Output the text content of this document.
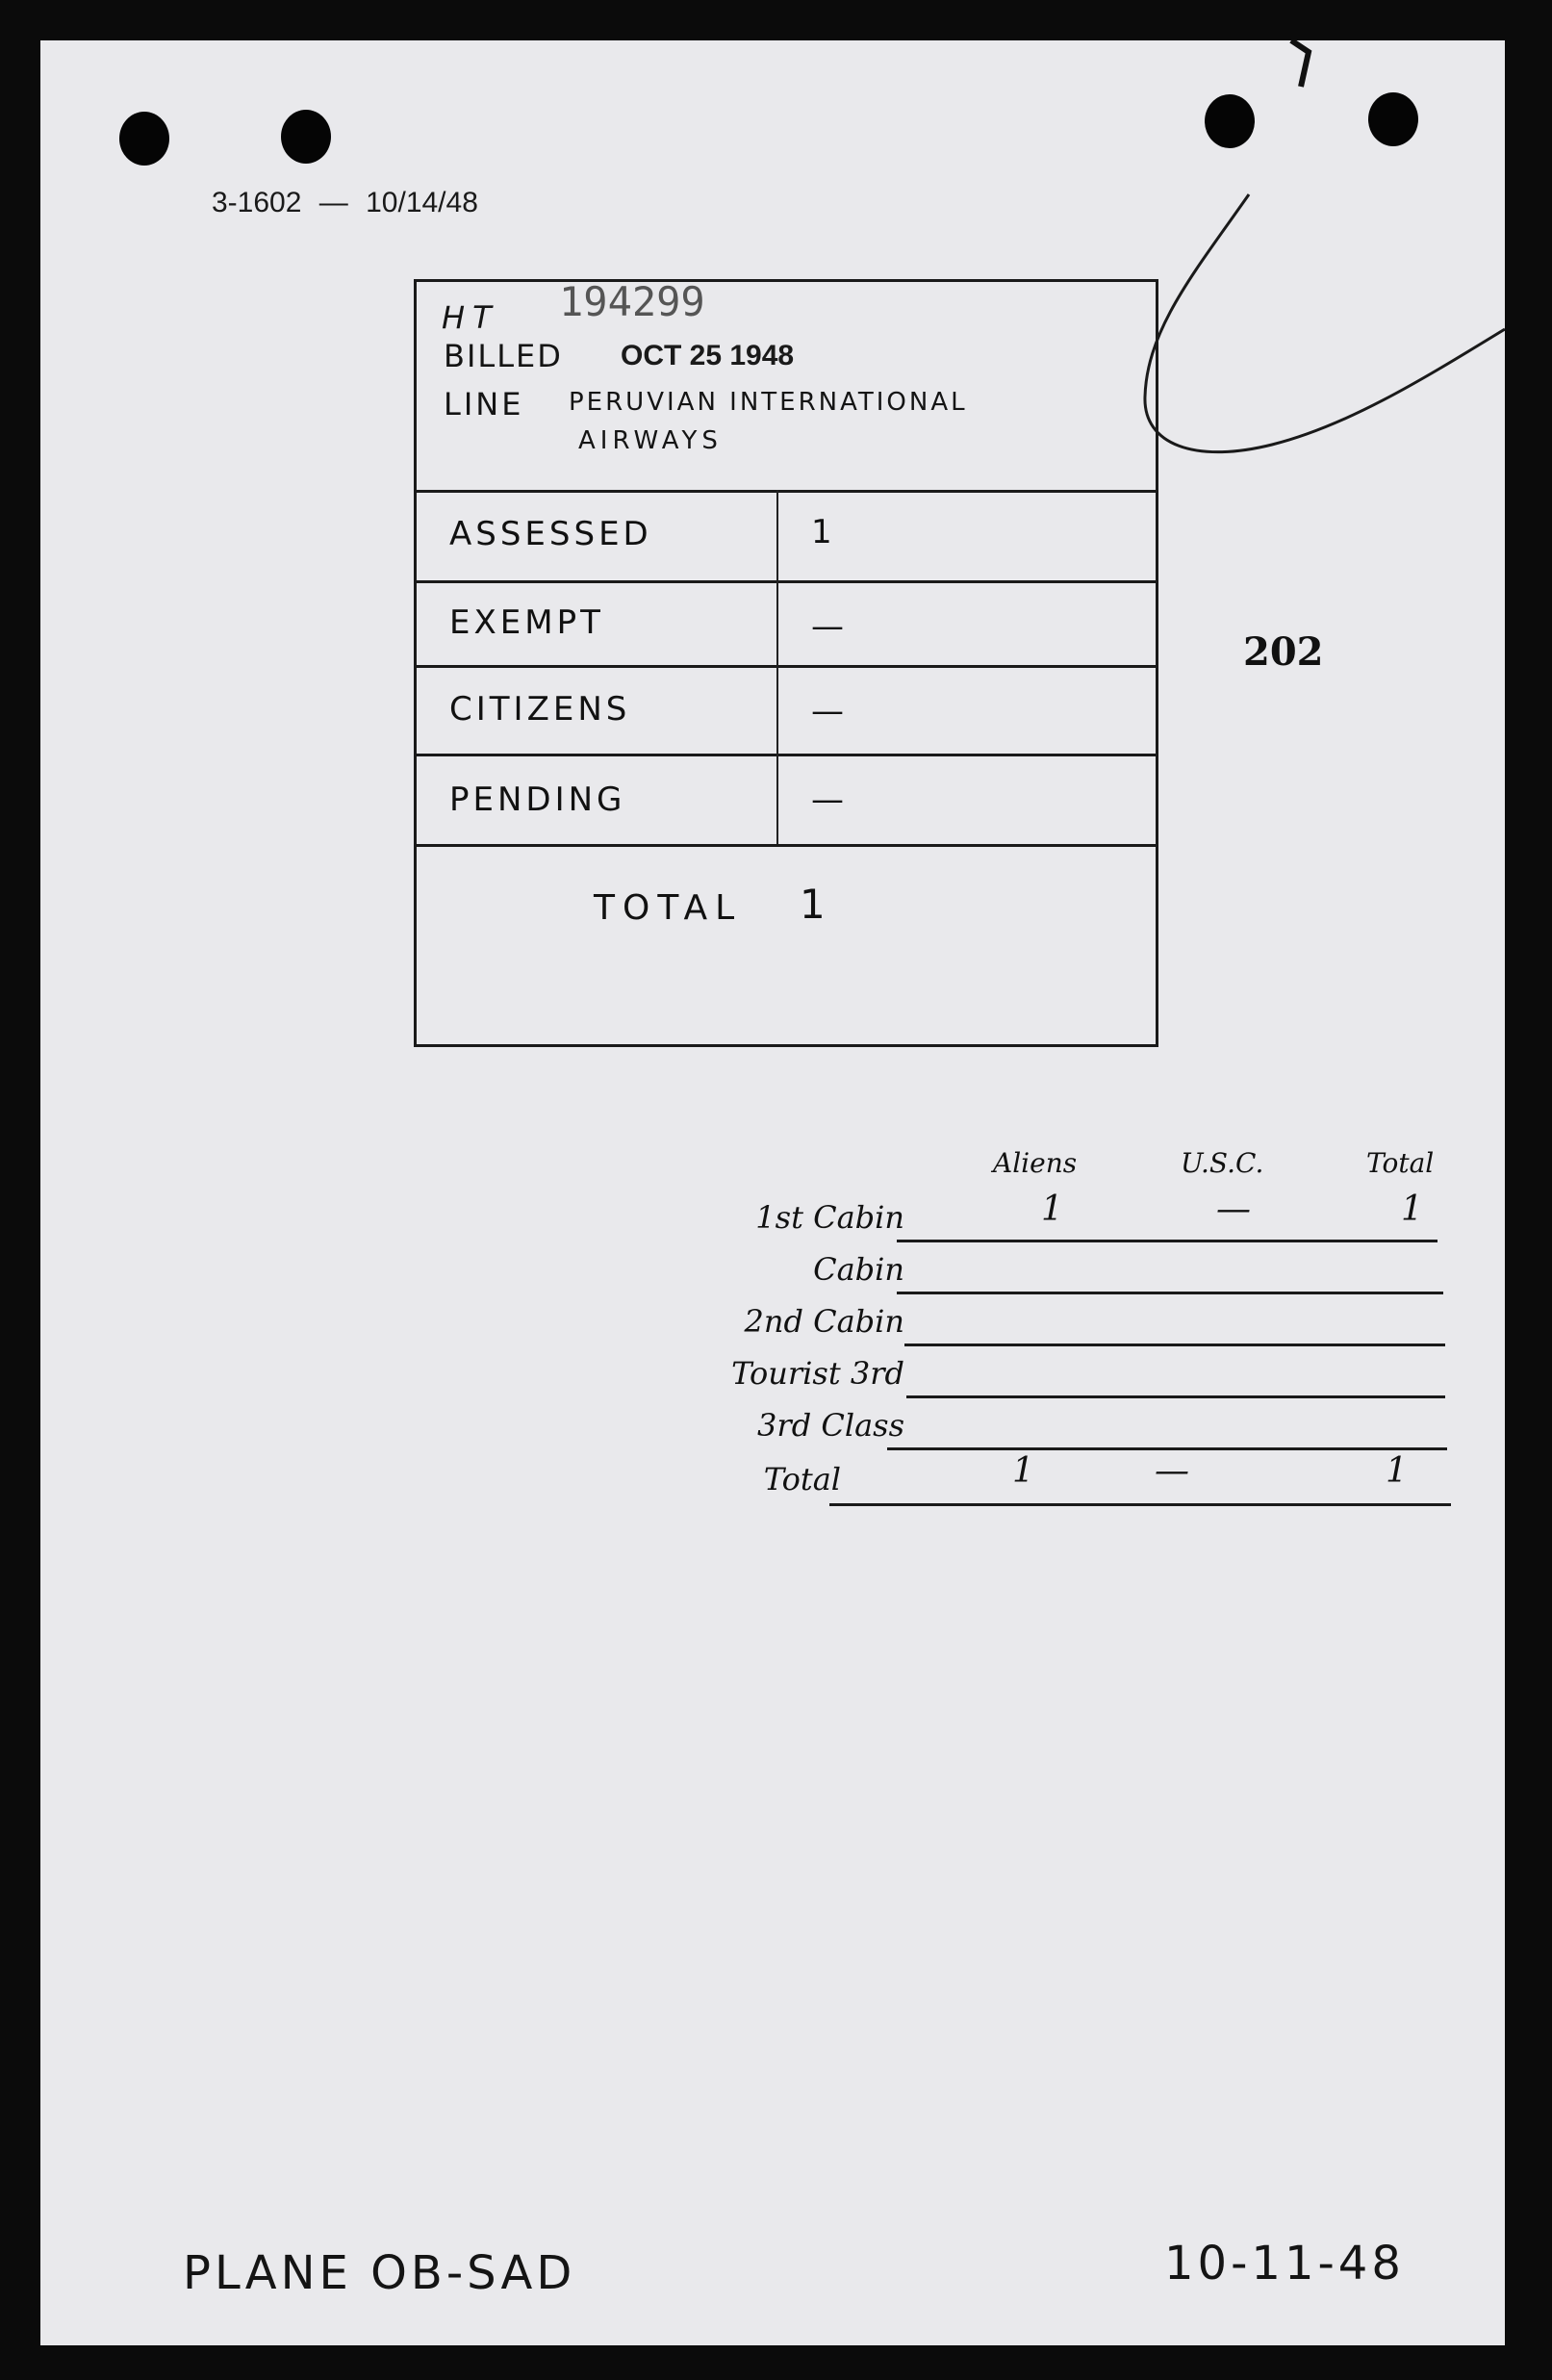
3-1602 — 10/14/48
HT 194299
BILLED OCT 25 1948
LINE PERUVIAN INTERNATIONAL
AIRWAYS
ASSESSED	1
EXEMPT	—
CITIZENS	—
PENDING	—
TOTAL 1
202
Aliens	U.S.C.	Total
1st Cabin	1	—	1
Cabin
2nd Cabin
Tourist 3rd
3rd Class
Total	1	—	1
PLANE OB-SAD	10-11-48
